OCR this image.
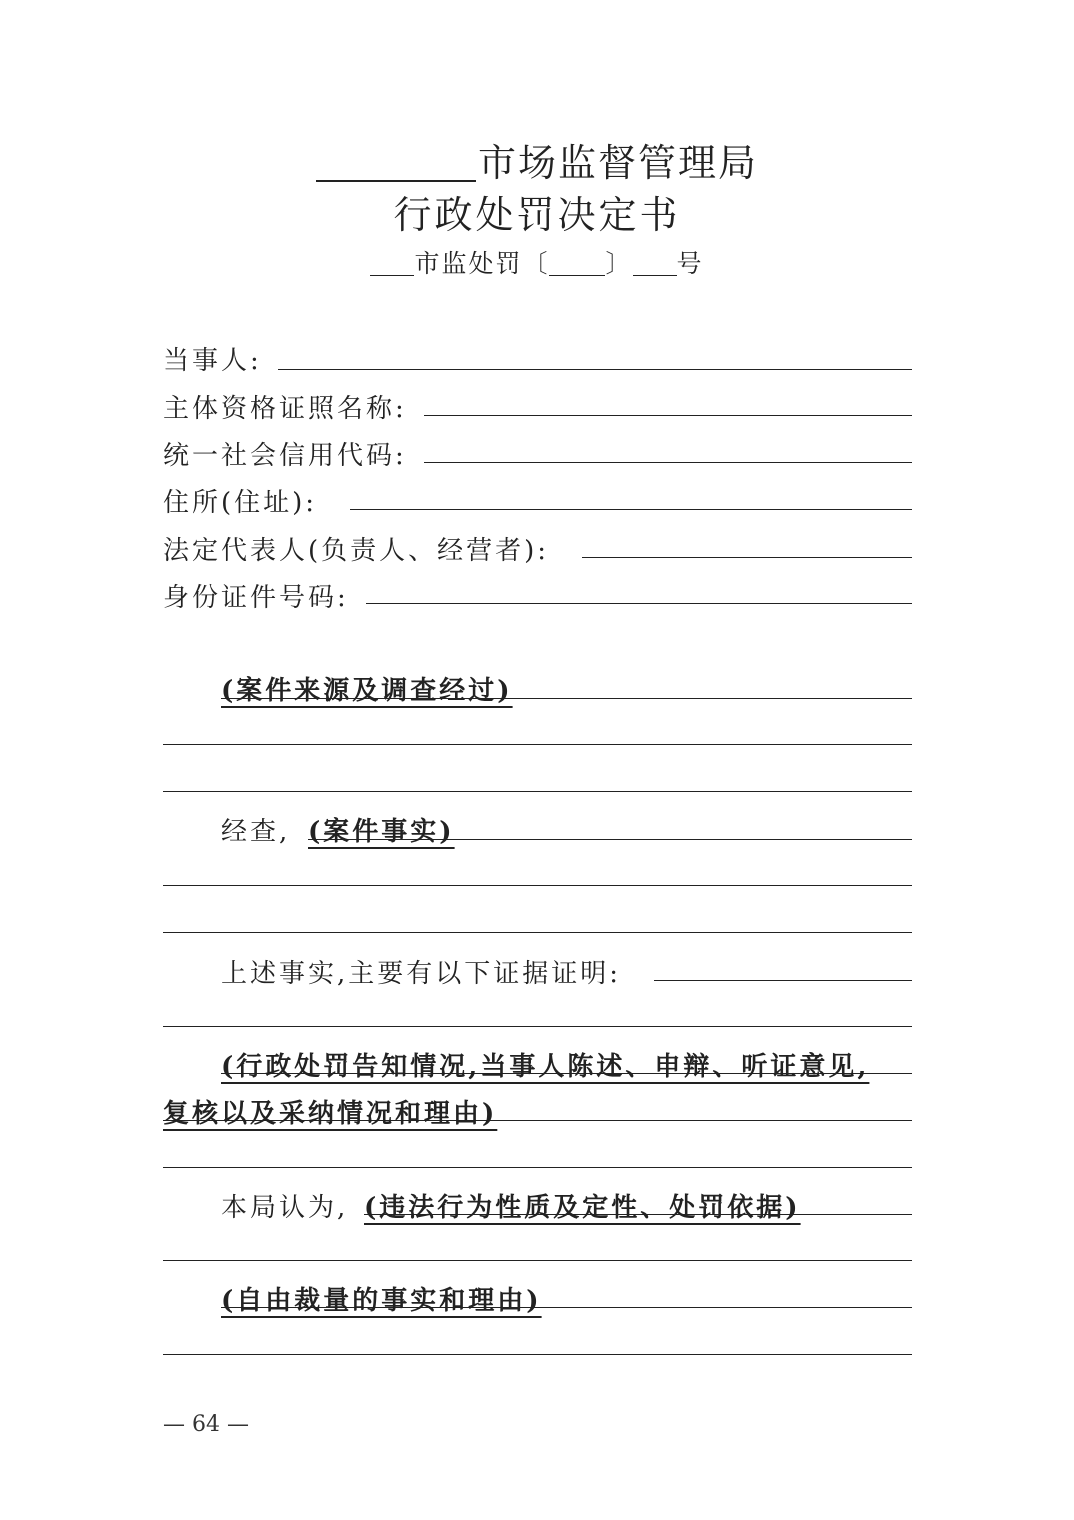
市场监督管理局
行政处罚决定书
市监处罚〔 〕 号
当事人:
主体资格证照名称:
统一社会信用代码:
住所(住址):
法定代表人(负责人、经营者):
身份证件号码:
(案件来源及调查经过)
经查, (案件事实)
上述事实,主要有以下证据证明:
(行政处罚告知情况,当事人陈述、申辩、听证意见,
复核以及采纳情况和理由)
本局认为, (违法行为性质及定性、处罚依据)
(自由裁量的事实和理由)
— 64 —
